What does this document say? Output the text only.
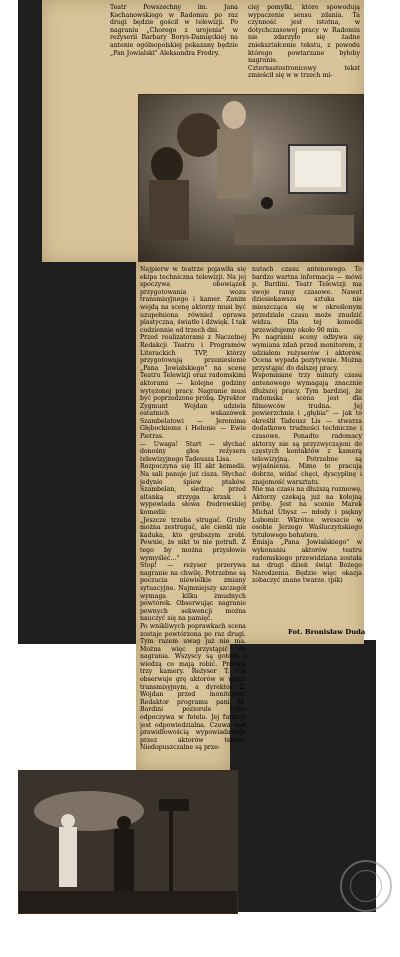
Teatr Powszechny im. Jana Kochanowskiego w Radomiu po raz drugi będzie gościł w telewizji. Po nagraniu „Chorego z urojenia" w reżyserii Barbary Borys-Damięckiej na antenie ogólnopolskiej pokazany będzie „Pan Jowialski" Aleksandra Fredry.
ciej pomyłki, które spowodują wypaczenie sensu zdania. Ta czynność jest istotna, w dotychczasowej pracy w Radomiu nie zdarzyło się żadne zniekształcenie tekstu, z powodu którego powtarzane byłoby nagranie.
Czternastostronicowy tekst zmieścił się w w trzech mi-
Najpierw w teatrze pojawiła się ekipa techniczna telewizji. Na jej spoczywa obowiązek przygotowania wozu transmisyjnego i kamer. Zanim wejdą na scenę aktorzy musi być uzupełniona również oprawa plastyczna, światło i dźwięk. I tak codziennie od trzech dni.
Przed realizatorami z Naczelnej Redakcji Teatru i Programów Literackich TVP, którzy przygotowują przeniesienie „Pana Jowialskiego" na scenę Teatru Telewizji oraz radomskimi aktorami — kolejne godziny wytężonej pracy. Nagranie musi być poprzedzone próbą. Dyrektor Zygmunt Wojdan udziela ostatnich wskazówek Szambelatowi — Jeremima Głębockiemu i Helenie — Ewie Pietras.
— Uwaga! Start — słychać donośny głos reżysera telewizyjnego Tadeusza Lisa.
Rozpoczyna się III akt komedii. Na sali panuje już cisza. Słychać jedynie śpiew ptaków. Szambelan, siedząc przed altanką strzyga krzak i wypowiada słowa fredrowskiej komedii:
„Jeszcze trzeba strugać. Gruby można zestrugać, ale cienki nie kaduka, kto grubszym zrobi. Pewnie, że nikt to nie potrafi. Z tego by można przysłowie wymyśleć..."
Stop! — reżyser przerywa nagranie na chwilę. Potrzebne są poczucia niewielkie zmiany sytuacyjne. Najmniejszy szczegół wymaga kilku żmudnych powtórek. Obserwując nagranie pewnych sekwencji można nauczyć się na pamięć.
Po wnikliwych poprawkach scena zostaje powtórzona po raz drugi. Tym razem uwag już nie ma. Można więc przystąpić do nagrania. Wszyscy są gotowi i wiedzą co mają robić. Pracują trzy kamery. Reżyser T. Lis obserwuje grę aktorów w wozie transmisyjnym, a dyrektor Z. Wojdan przed monitorem. Redaktor programu pani M. Bardini poziorule tylko odpoczywa w fotelu. Jej funkcja jest odpowiedzialna. Czuwa nad prawidłowością wypowiadanego przez aktorów tekstu. Niedopuszczalne są prze-
nutach czasu antenowego. To bardzo wartna informacja — mówi p. Bardini. Teatr Telewizji ma swoje ramy czasowe. Nawet dziesiekawsza sztuka nie mieszcząca się w określonym przedziale czasu może znudzić widza. Dla tej komedii przewidujemy około 90 min.
Po nagraniu sceny odbywa się wymiana zdań przed monitorem, z udziałem reżyserów i aktorów. Ocena wypada pozytywnie. Można przystąpić do dalszej pracy.
Wspomniane trzy minuty czasu antenowego wymagają znacznie dłuższej pracy. Tym bardziej, że radomska scena jest dla filmowców trudna. Jej powierzchnia i „głębia" — jak to określił Tadeusz Lis — stwarza dodatkowe trudności techniczne i czasowe. Ponadto radomscy aktorzy nie są przyzwyczajeni do częstych kontaktów z kamerą telewizyjną. Potrzebne są wyjaśnienia. Mimo to pracują dobrze, widać chęci, dyscyplinę i znajomość warsztatu.
Nie ma czasu na dłuższą rozmowę. Aktorzy czekają już na kolejną próbę. Jest na scenie Marek Michał Ubysz — młody i piękny Lubomir. Wkrótce wreszcie w osobie Jerzego Waśluczyńskiego tytułowego bohatera.
Emisja „Pana Jowialskiego" w wykonaniu aktorów teatru radomskiego przewidziana została na drugi dzień świąt Bożego Narodzenia. Będzie więc okazja zobaczyć znane twarze. (pik)
Fot. Bronisław Duda
